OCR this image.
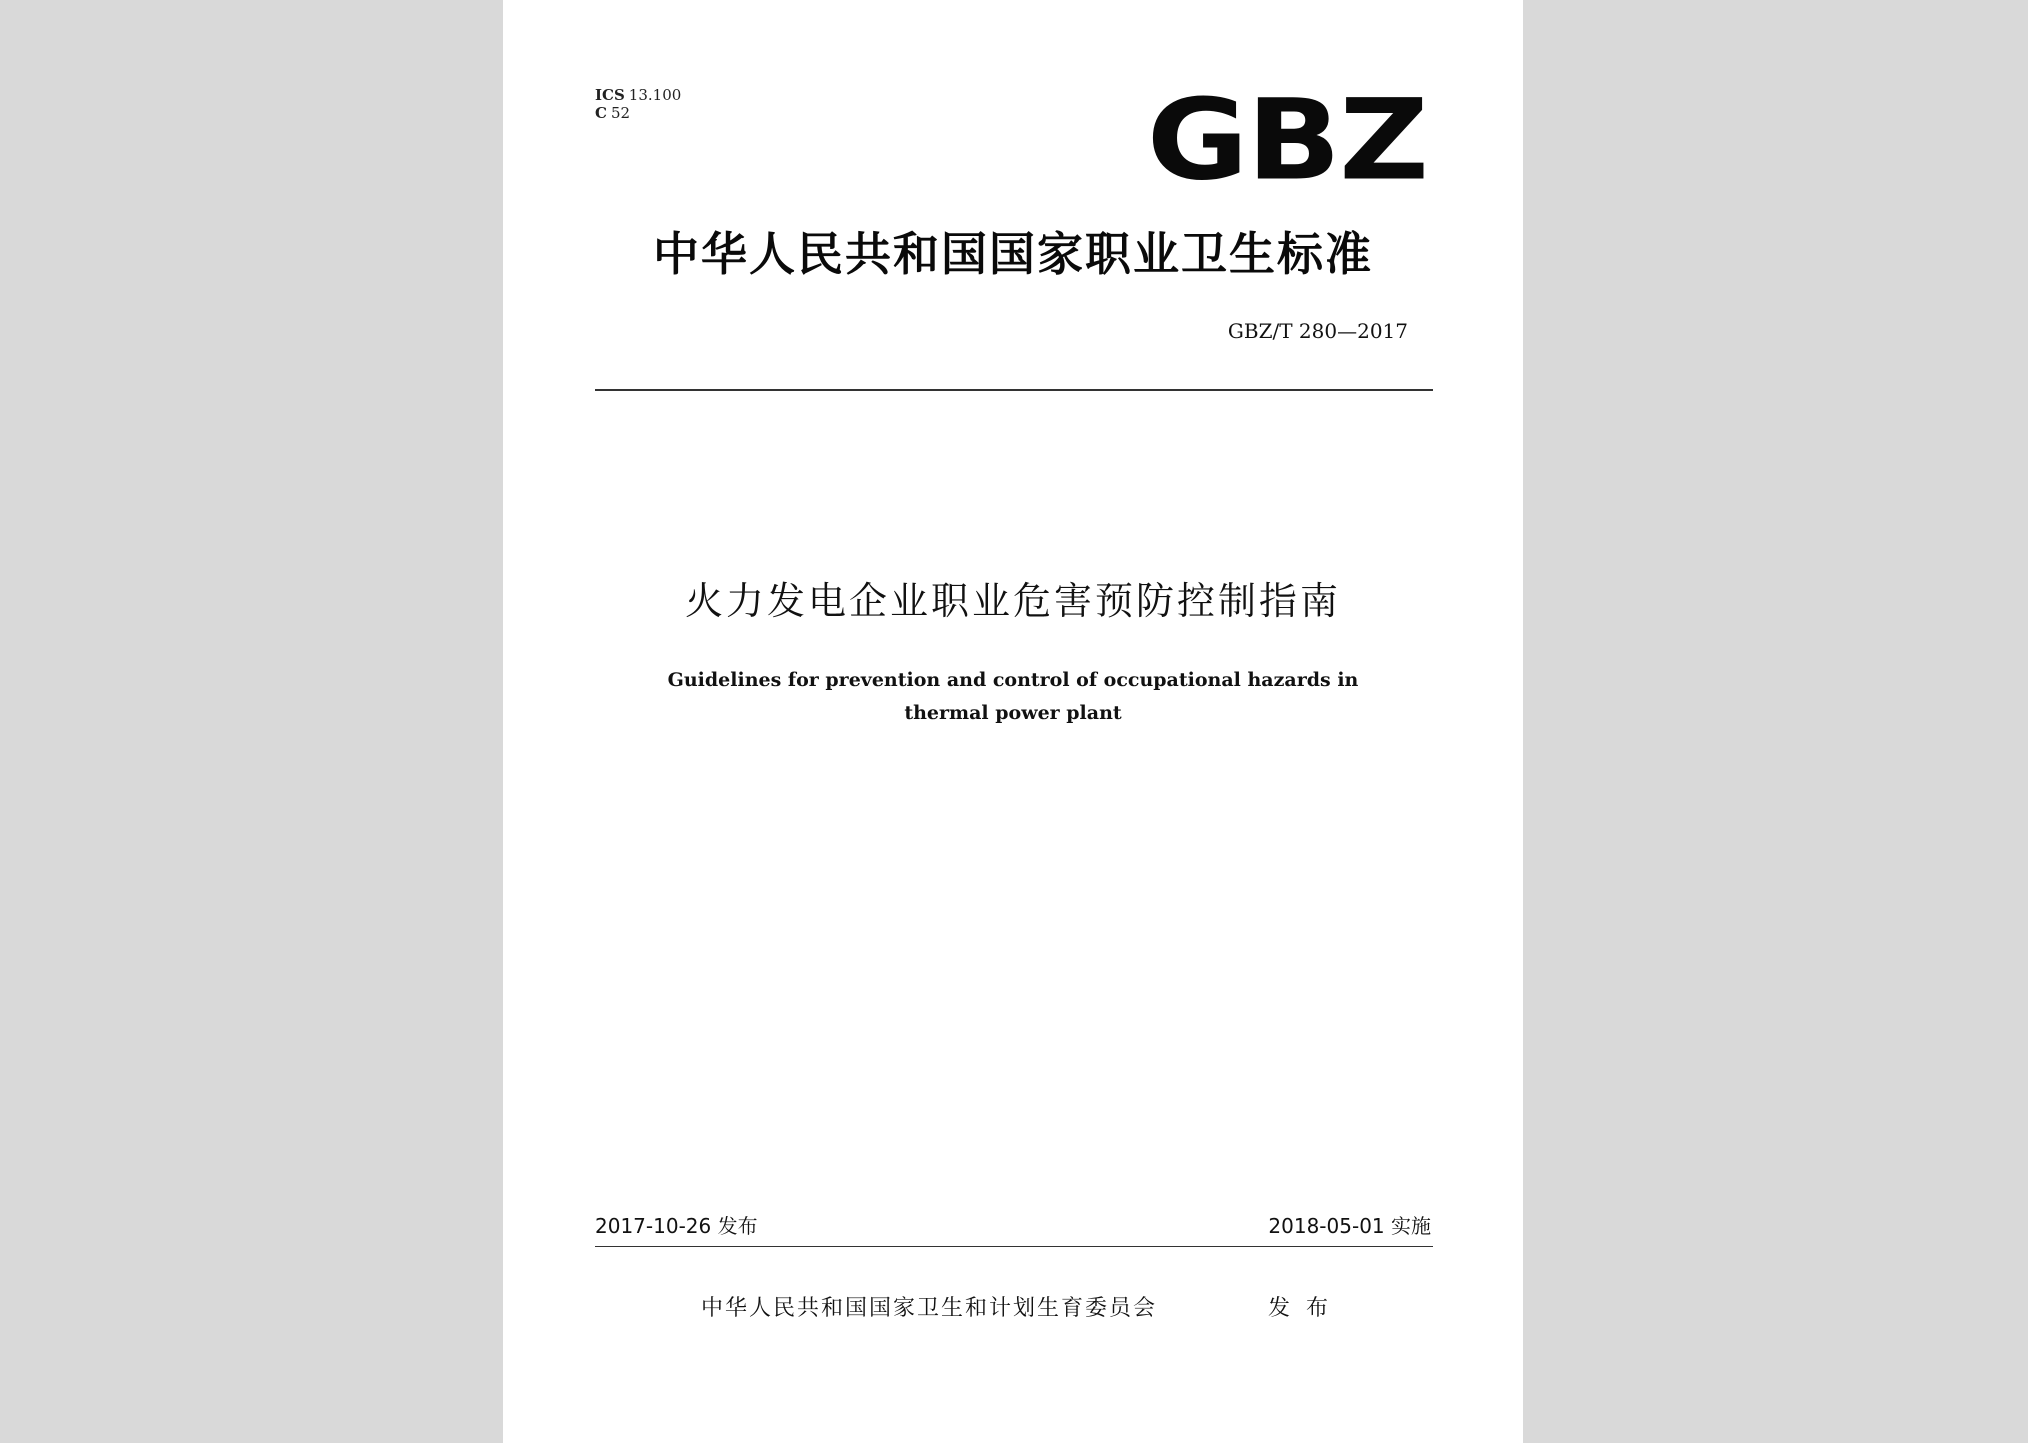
ICS 13.100
C 52	GBZ
中华人民共和国国家职业卫生标准
GBZ/T 280—2017
火力发电企业职业危害预防控制指南
Guidelines for prevention and control of occupational hazards in
thermal power plant
2017-10-26 发布	2018-05-01 实施
中华人民共和国国家卫生和计划生育委员会	发布
